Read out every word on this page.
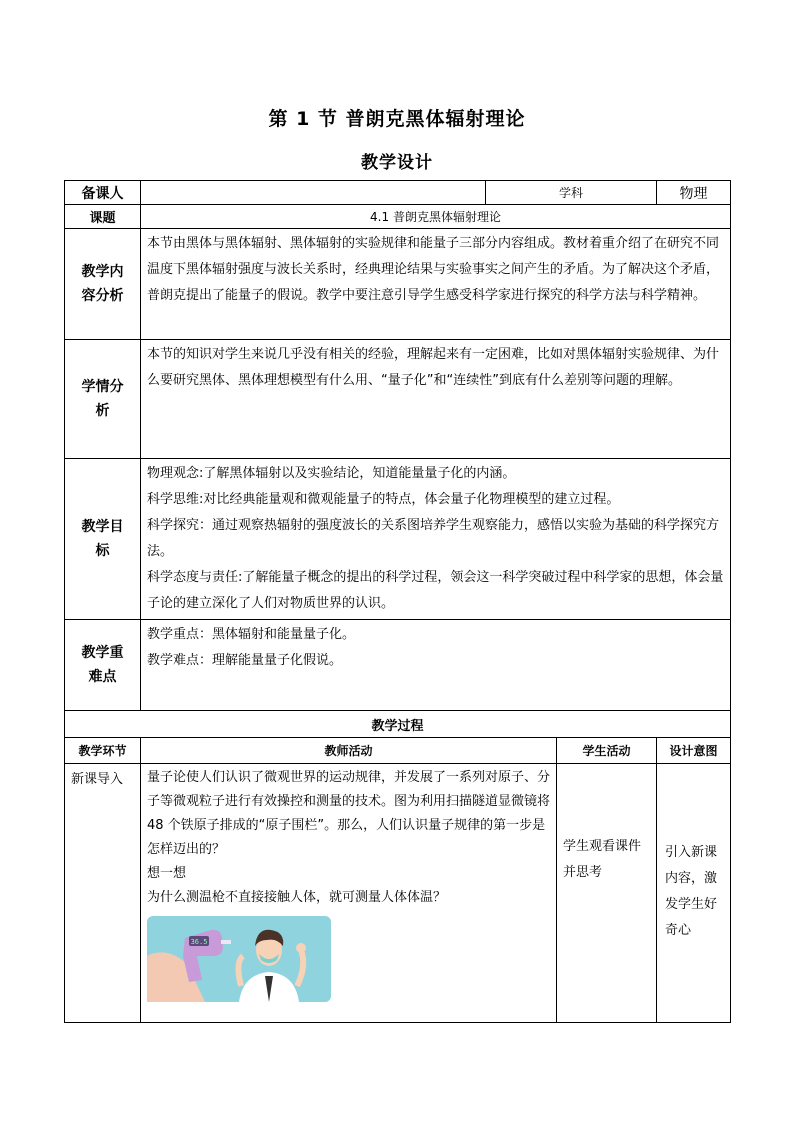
第 1 节 普朗克黑体辐射理论
教学设计
备课人		学科		物理
课题	4.1 普朗克黑体辐射理论			
教学内容分析	本节由黑体与黑体辐射、黑体辐射的实验规律和能量子三部分内容组成。教材着重介绍了在研究不同温度下黑体辐射强度与波长关系时，经典理论结果与实验事实之间产生的矛盾。为了解决这个矛盾，普朗克提出了能量子的假说。教学中要注意引导学生感受科学家进行探究的科学方法与科学精神。			
学情分析	本节的知识对学生来说几乎没有相关的经验，理解起来有一定困难，比如对黑体辐射实验规律、为什么要研究黑体、黑体理想模型有什么用、“量子化”和“连续性”到底有什么差别等问题的理解。			
教学目标	物理观念:了解黑体辐射以及实验结论，知道能量量子化的内涵。

科学思维:对比经典能量观和微观能量子的特点，体会量子化物理模型的建立过程。

科学探究：通过观察热辐射的强度波长的关系图培养学生观察能力，感悟以实验为基础的科学探究方法。

科学态度与责任:了解能量子概念的提出的科学过程，领会这一科学突破过程中科学家的思想，体会量子论的建立深化了人们对物质世界的认识。			

教学重难点	教学重点：黑体辐射和能量量子化。

教学难点：理解能量量子化假说。			

教学过程				
教学环节	教师活动		学生活动	设计意图
新课导入	量子论使人们认识了微观世界的运动规律，并发展了一系列对原子、分子等微观粒子进行有效操控和测量的技术。图为利用扫描隧道显微镜将48 个铁原子排成的“原子围栏”。那么，人们认识量子规律的第一步是怎样迈出的？

想一想

为什么测温枪不直接接触人体，就可测量人体体温？

36.5		学生观看课件并思考	引入新课内容，激发学生好奇心
